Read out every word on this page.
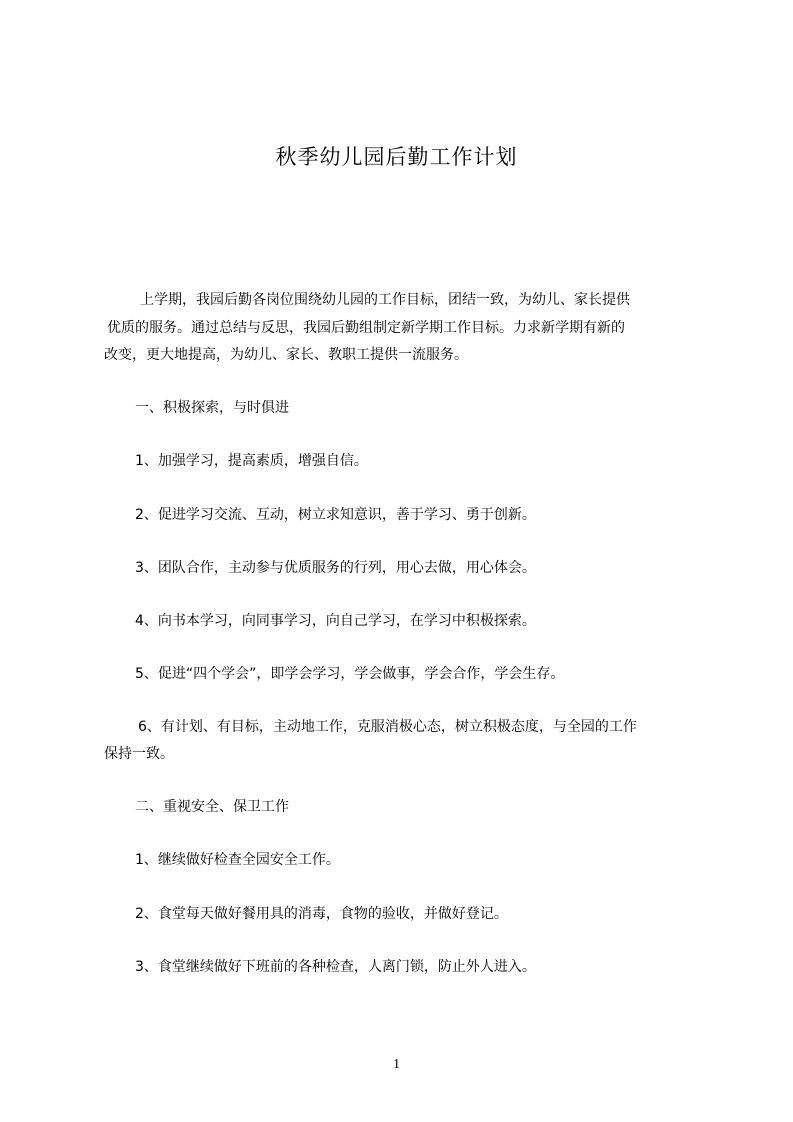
秋季幼儿园后勤工作计划
上学期，我园后勤各岗位围绕幼儿园的工作目标，团结一致，为幼儿、家长提供
优质的服务。通过总结与反思，我园后勤组制定新学期工作目标。力求新学期有新的
改变，更大地提高，为幼儿、家长、教职工提供一流服务。
一、积极探索，与时俱进
1、加强学习，提高素质，增强自信。
2、促进学习交流、互动，树立求知意识，善于学习、勇于创新。
3、团队合作，主动参与优质服务的行列，用心去做，用心体会。
4、向书本学习，向同事学习，向自己学习，在学习中积极探索。
5、促进“四个学会”，即学会学习，学会做事，学会合作，学会生存。
6、有计划、有目标，主动地工作，克服消极心态，树立积极态度，与全园的工作
保持一致。
二、重视安全、保卫工作
1、继续做好检查全园安全工作。
2、食堂每天做好餐用具的消毒，食物的验收，并做好登记。
3、食堂继续做好下班前的各种检查，人离门锁，防止外人进入。
1
